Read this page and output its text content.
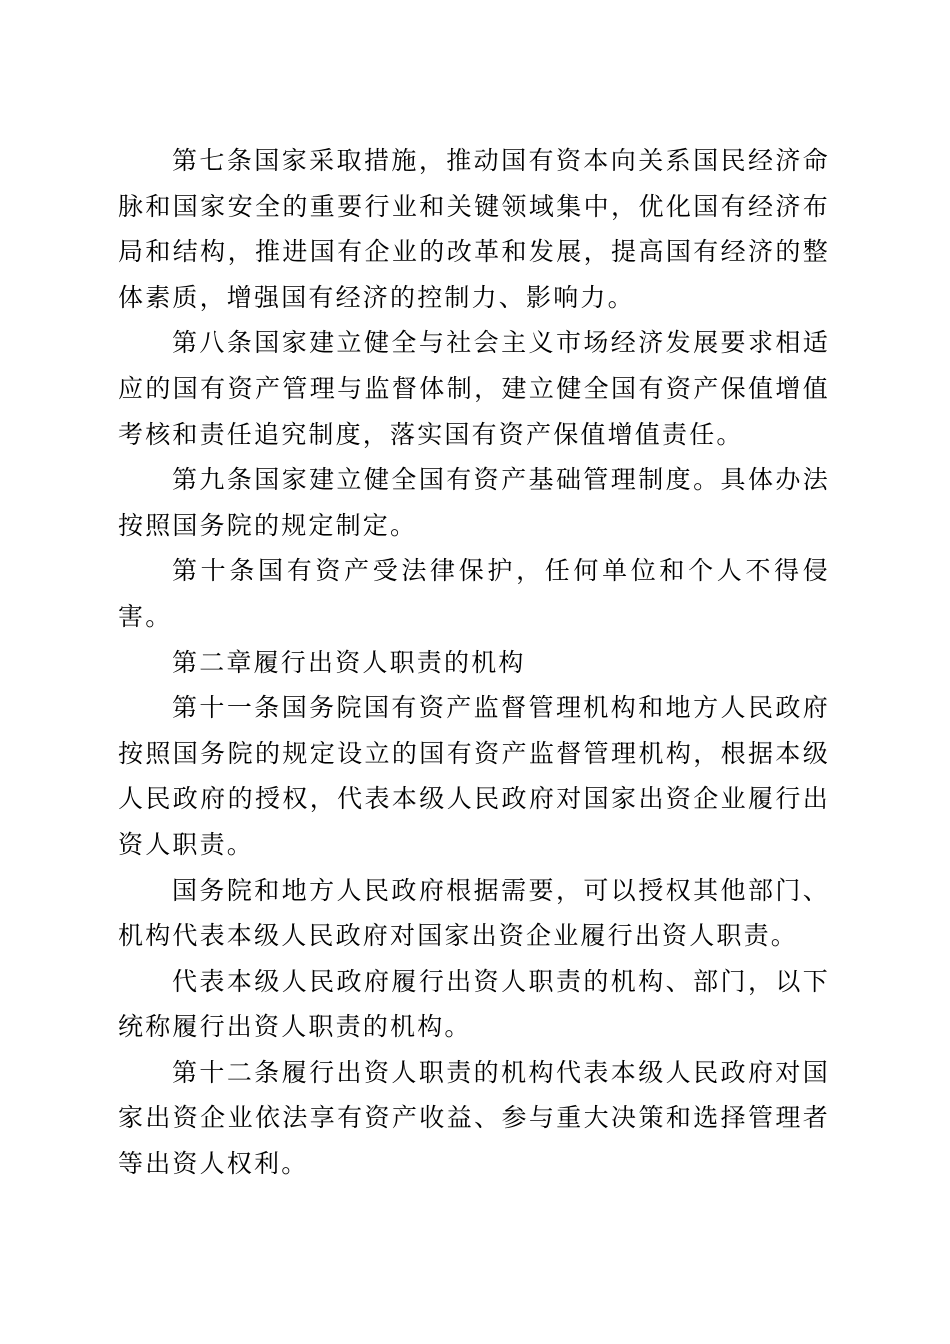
第七条国家采取措施，推动国有资本向关系国民经济命脉和国家安全的重要行业和关键领域集中，优化国有经济布局和结构，推进国有企业的改革和发展，提高国有经济的整体素质，增强国有经济的控制力、影响力。

第八条国家建立健全与社会主义市场经济发展要求相适应的国有资产管理与监督体制，建立健全国有资产保值增值考核和责任追究制度，落实国有资产保值增值责任。

第九条国家建立健全国有资产基础管理制度。具体办法按照国务院的规定制定。

第十条国有资产受法律保护，任何单位和个人不得侵害。

第二章履行出资人职责的机构

第十一条国务院国有资产监督管理机构和地方人民政府按照国务院的规定设立的国有资产监督管理机构，根据本级人民政府的授权，代表本级人民政府对国家出资企业履行出资人职责。

国务院和地方人民政府根据需要，可以授权其他部门、机构代表本级人民政府对国家出资企业履行出资人职责。

代表本级人民政府履行出资人职责的机构、部门，以下统称履行出资人职责的机构。

第十二条履行出资人职责的机构代表本级人民政府对国家出资企业依法享有资产收益、参与重大决策和选择管理者等出资人权利。
